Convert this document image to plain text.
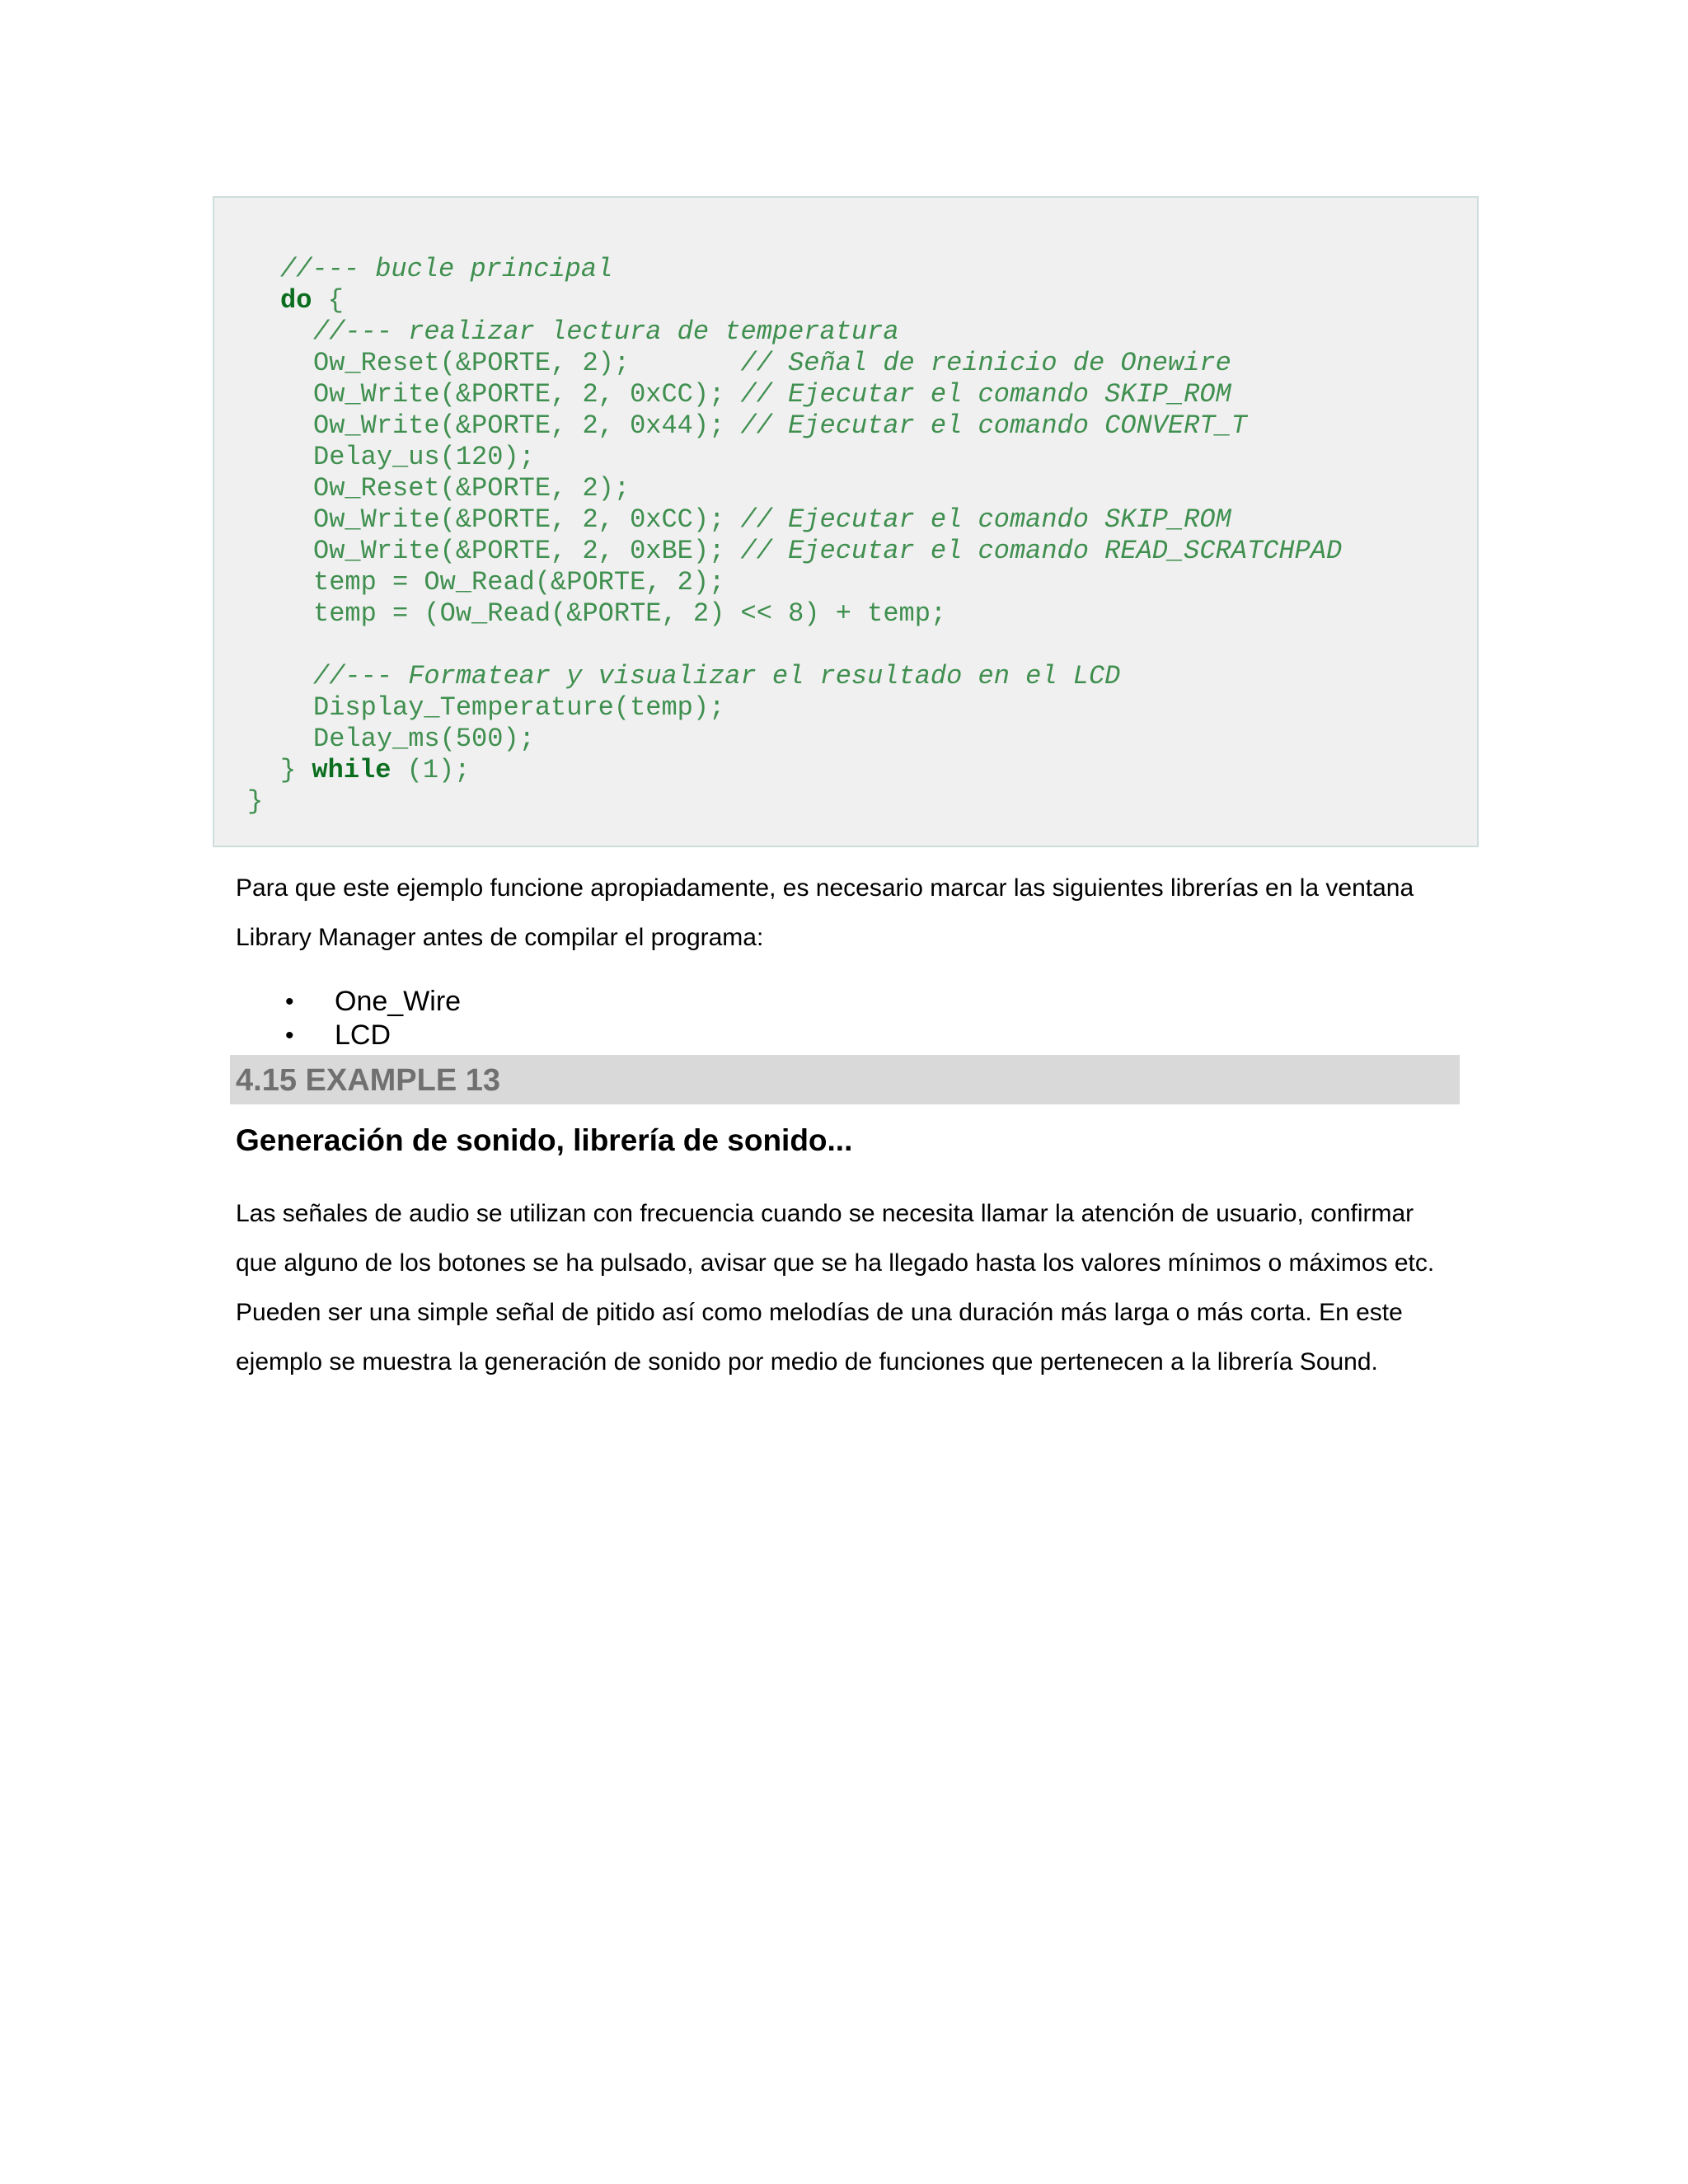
//--- bucle principal
do {
//--- realizar lectura de temperatura
Ow_Reset(&PORTE, 2);       // Señal de reinicio de Onewire
Ow_Write(&PORTE, 2, 0xCC); // Ejecutar el comando SKIP_ROM
Ow_Write(&PORTE, 2, 0x44); // Ejecutar el comando CONVERT_T
Delay_us(120);
Ow_Reset(&PORTE, 2);
Ow_Write(&PORTE, 2, 0xCC); // Ejecutar el comando SKIP_ROM
Ow_Write(&PORTE, 2, 0xBE); // Ejecutar el comando READ_SCRATCHPAD
temp = Ow_Read(&PORTE, 2);
temp = (Ow_Read(&PORTE, 2) << 8) + temp;
//--- Formatear y visualizar el resultado en el LCD
Display_Temperature(temp);
Delay_ms(500);
} while (1);
}
Para que este ejemplo funcione apropiadamente, es necesario marcar las siguientes librerías en la ventana
Library Manager antes de compilar el programa:
• One_Wire
• LCD
4.15 EXAMPLE 13
Generación de sonido, librería de sonido...
Las señales de audio se utilizan con frecuencia cuando se necesita llamar la atención de usuario, confirmar
que alguno de los botones se ha pulsado, avisar que se ha llegado hasta los valores mínimos o máximos etc.
Pueden ser una simple señal de pitido así como melodías de una duración más larga o más corta. En este
ejemplo se muestra la generación de sonido por medio de funciones que pertenecen a la librería Sound.
